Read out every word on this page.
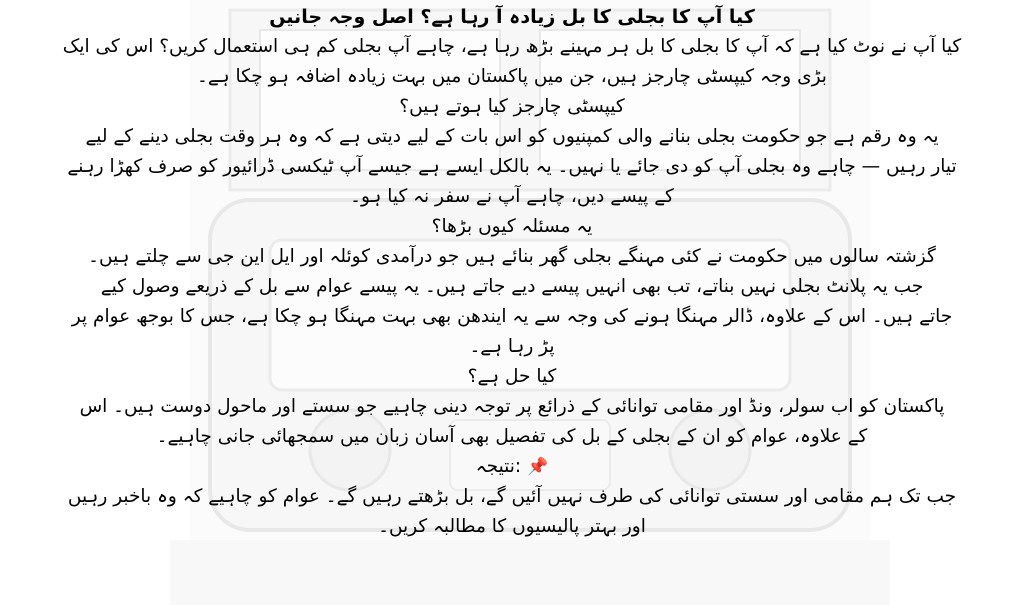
کیا آپ کا بجلی کا بل زیادہ آ رہا ہے؟ اصل وجہ جانیں
کیا آپ نے نوٹ کیا ہے کہ آپ کا بجلی کا بل ہر مہینے بڑھ رہا ہے، چاہے آپ بجلی کم ہی استعمال کریں؟ اس کی ایک
بڑی وجہ کیپسٹی چارجز ہیں، جن میں پاکستان میں بہت زیادہ اضافہ ہو چکا ہے۔
کیپسٹی چارجز کیا ہوتے ہیں؟
یہ وہ رقم ہے جو حکومت بجلی بنانے والی کمپنیوں کو اس بات کے لیے دیتی ہے کہ وہ ہر وقت بجلی دینے کے لیے
تیار رہیں — چاہے وہ بجلی آپ کو دی جائے یا نہیں۔ یہ بالکل ایسے ہے جیسے آپ ٹیکسی ڈرائیور کو صرف کھڑا رہنے
کے پیسے دیں، چاہے آپ نے سفر نہ کیا ہو۔
یہ مسئلہ کیوں بڑھا؟
گزشتہ سالوں میں حکومت نے کئی مہنگے بجلی گھر بنائے ہیں جو درآمدی کوئلہ اور ایل این جی سے چلتے ہیں۔
جب یہ پلانٹ بجلی نہیں بناتے، تب بھی انہیں پیسے دیے جاتے ہیں۔ یہ پیسے عوام سے بل کے ذریعے وصول کیے
جاتے ہیں۔ اس کے علاوہ، ڈالر مہنگا ہونے کی وجہ سے یہ ایندھن بھی بہت مہنگا ہو چکا ہے، جس کا بوجھ عوام پر
پڑ رہا ہے۔
کیا حل ہے؟
پاکستان کو اب سولر، ونڈ اور مقامی توانائی کے ذرائع پر توجہ دینی چاہیے جو سستے اور ماحول دوست ہیں۔ اس
کے علاوہ، عوام کو ان کے بجلی کے بل کی تفصیل بھی آسان زبان میں سمجھائی جانی چاہیے۔
📌 :نتیجہ
جب تک ہم مقامی اور سستی توانائی کی طرف نہیں آئیں گے، بل بڑھتے رہیں گے۔ عوام کو چاہیے کہ وہ باخبر رہیں
اور بہتر پالیسیوں کا مطالبہ کریں۔
